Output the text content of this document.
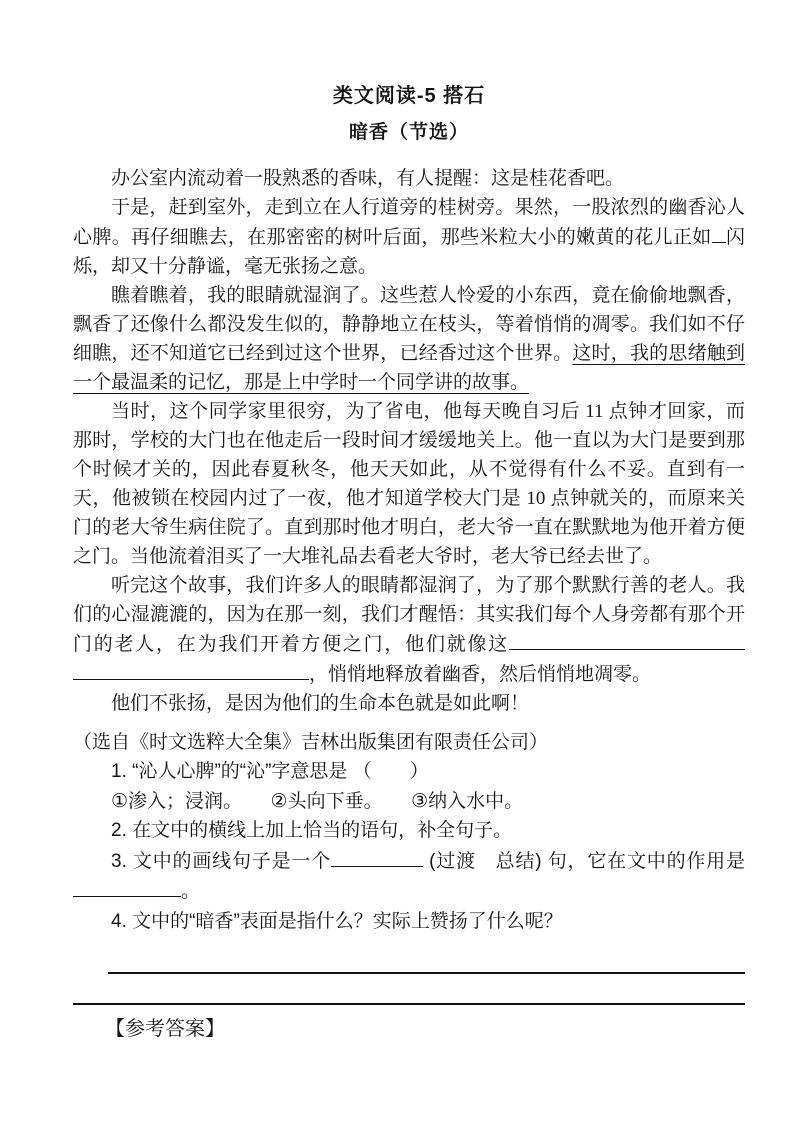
类文阅读-5 搭石
暗香（节选）

办公室内流动着一股熟悉的香味，有人提醒：这是桂花香吧。

于是，赶到室外，走到立在人行道旁的桂树旁。果然，一股浓烈的幽香沁人心脾。再仔细瞧去，在那密密的树叶后面，那些米粒大小的嫩黄的花儿正如 闪烁，却又十分静谧，毫无张扬之意。

瞧着瞧着，我的眼睛就湿润了。这些惹人怜爱的小东西，竟在偷偷地飘香，飘香了还像什么都没发生似的，静静地立在枝头，等着悄悄的凋零。我们如不仔细瞧，还不知道它已经到过这个世界，已经香过这个世界。这时，我的思绪触到一个最温柔的记忆，那是上中学时一个同学讲的故事。

当时，这个同学家里很穷，为了省电，他每天晚自习后 11 点钟才回家，而那时，学校的大门也在他走后一段时间才缓缓地关上。他一直以为大门是要到那个时候才关的，因此春夏秋冬，他天天如此，从不觉得有什么不妥。直到有一天，他被锁在校园内过了一夜，他才知道学校大门是 10 点钟就关的，而原来关门的老大爷生病住院了。直到那时他才明白，老大爷一直在默默地为他开着方便之门。当他流着泪买了一大堆礼品去看老大爷时，老大爷已经去世了。

听完这个故事，我们许多人的眼睛都湿润了，为了那个默默行善的老人。我们的心湿漉漉的，因为在那一刻，我们才醒悟：其实我们每个人身旁都有那个开门的老人，在为我们开着方便之门，他们就像这，悄悄地释放着幽香，然后悄悄地凋零。

他们不张扬，是因为他们的生命本色就是如此啊！

（选自《时文选粹大全集》吉林出版集团有限责任公司）

1. “沁人心脾”的“沁”字意思是 （　　）

①渗入；浸润。　　②头向下垂。　　③纳入水中。

2. 在文中的横线上加上恰当的语句，补全句子。

3. 文中的画线句子是一个	(过渡　总结) 句，它在文中的作用是。

4. 文中的“暗香”表面是指什么？实际上赞扬了什么呢？

【参考答案】
